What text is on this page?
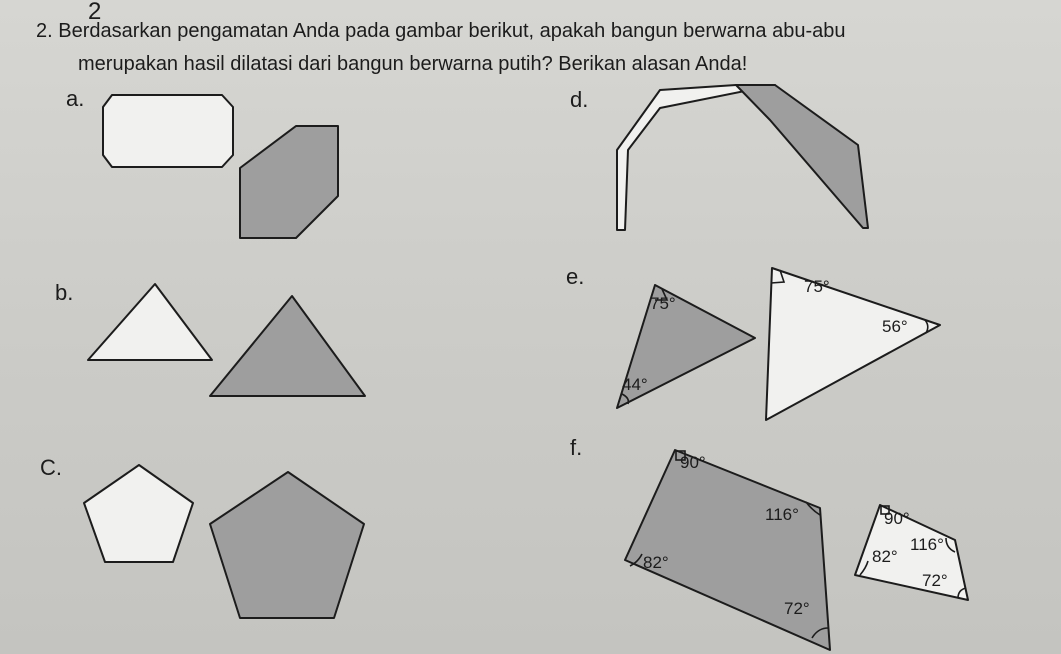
2
2. Berdasarkan pengamatan Anda pada gambar berikut, apakah bangun berwarna abu-abu
merupakan hasil dilatasi dari bangun berwarna putih? Berikan alasan Anda!
a.
b.
C.
d.
e.
f.
75°
44°
75°
56°
90°
116°
82°
72°
90°
116°
82°
72°
